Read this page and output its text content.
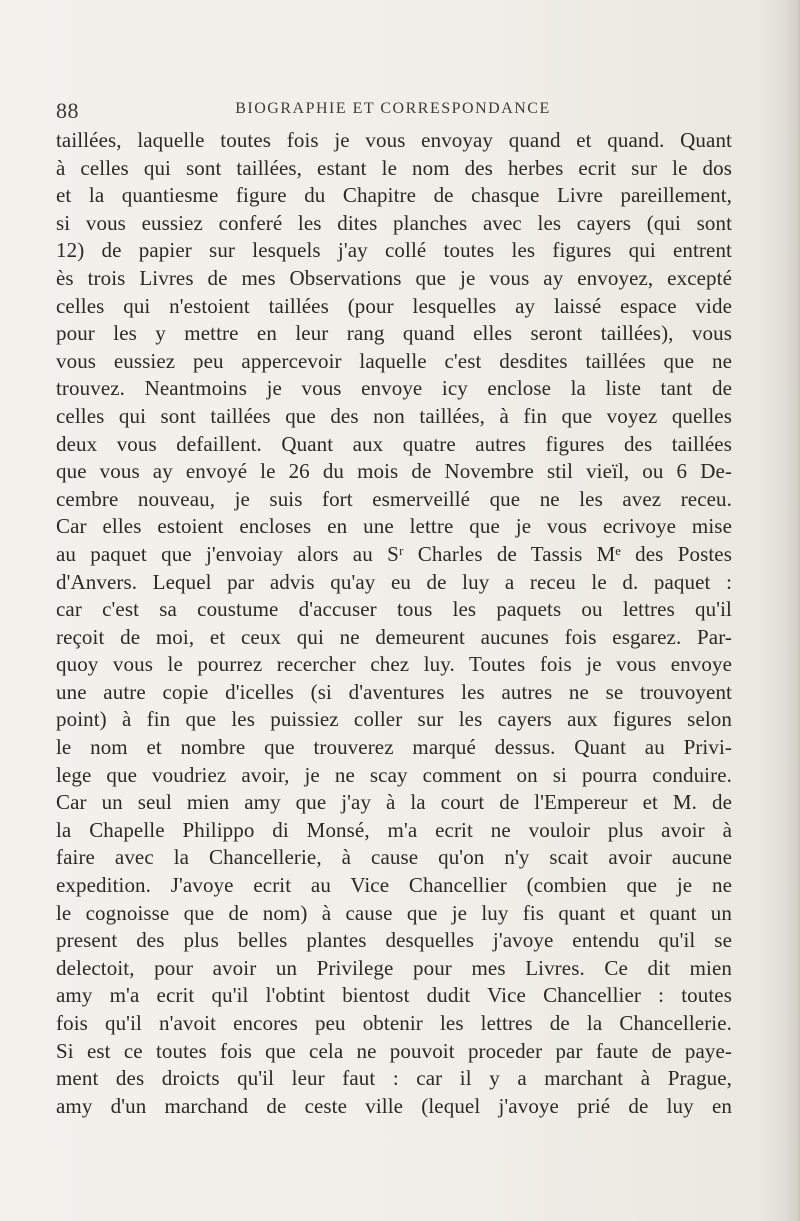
88	BIOGRAPHIE ET CORRESPONDANCE
taillées, laquelle toutes fois je vous envoyay quand et quand. Quant
à celles qui sont taillées, estant le nom des herbes ecrit sur le dos
et la quantiesme figure du Chapitre de chasque Livre pareillement,
si vous eussiez conferé les dites planches avec les cayers (qui sont
12) de papier sur lesquels j'ay collé toutes les figures qui entrent
ès trois Livres de mes Observations que je vous ay envoyez, excepté
celles qui n'estoient taillées (pour lesquelles ay laissé espace vide
pour les y mettre en leur rang quand elles seront taillées), vous
vous eussiez peu appercevoir laquelle c'est desdites taillées que ne
trouvez. Neantmoins je vous envoye icy enclose la liste tant de
celles qui sont taillées que des non taillées, à fin que voyez quelles
deux vous defaillent. Quant aux quatre autres figures des taillées
que vous ay envoyé le 26 du mois de Novembre stil vieïl, ou 6 De-
cembre nouveau, je suis fort esmerveillé que ne les avez receu.
Car elles estoient encloses en une lettre que je vous ecrivoye mise
au paquet que j'envoiay alors au Sʳ Charles de Tassis Mᵉ des Postes
d'Anvers. Lequel par advis qu'ay eu de luy a receu le d. paquet :
car c'est sa coustume d'accuser tous les paquets ou lettres qu'il
reçoit de moi, et ceux qui ne demeurent aucunes fois esgarez. Par-
quoy vous le pourrez recercher chez luy. Toutes fois je vous envoye
une autre copie d'icelles (si d'aventures les autres ne se trouvoyent
point) à fin que les puissiez coller sur les cayers aux figures selon
le nom et nombre que trouverez marqué dessus. Quant au Privi-
lege que voudriez avoir, je ne scay comment on si pourra conduire.
Car un seul mien amy que j'ay à la court de l'Empereur et M. de
la Chapelle Philippo di Monsé, m'a ecrit ne vouloir plus avoir à
faire avec la Chancellerie, à cause qu'on n'y scait avoir aucune
expedition. J'avoye ecrit au Vice Chancellier (combien que je ne
le cognoisse que de nom) à cause que je luy fis quant et quant un
present des plus belles plantes desquelles j'avoye entendu qu'il se
delectoit, pour avoir un Privilege pour mes Livres. Ce dit mien
amy m'a ecrit qu'il l'obtint bientost dudit Vice Chancellier : toutes
fois qu'il n'avoit encores peu obtenir les lettres de la Chancellerie.
Si est ce toutes fois que cela ne pouvoit proceder par faute de paye-
ment des droicts qu'il leur faut : car il y a marchant à Prague,
amy d'un marchand de ceste ville (lequel j'avoye prié de luy en
